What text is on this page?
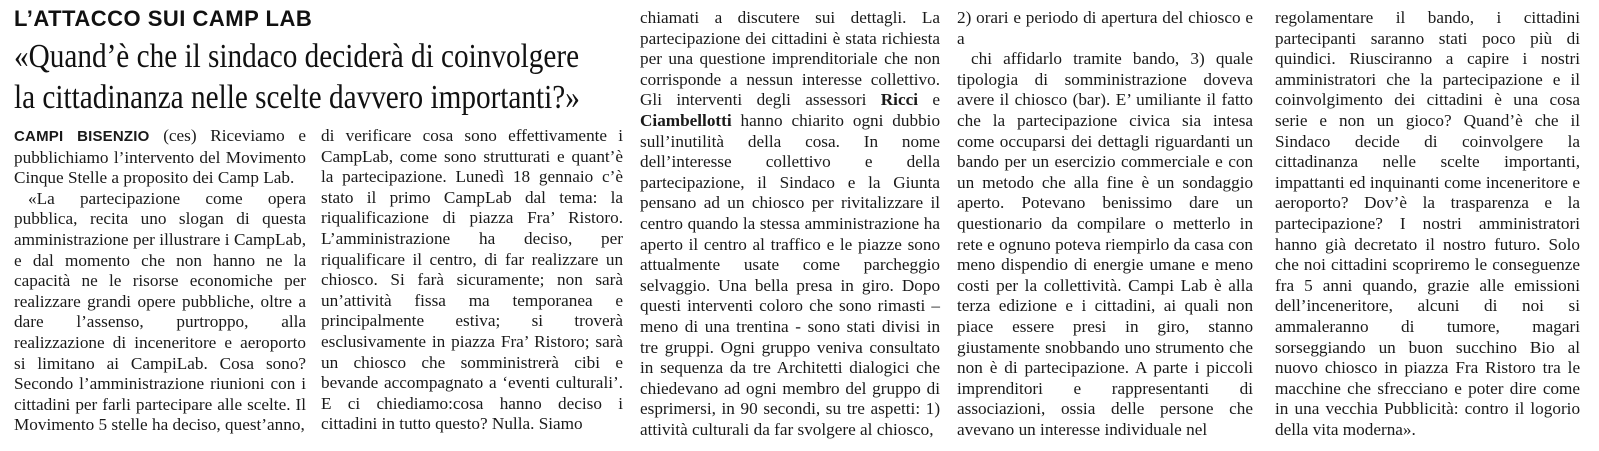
L’ATTACCO SUI CAMP LAB
«Quand’è che il sindaco deciderà di coinvolgere
la cittadinanza nelle scelte davvero importanti?»

CAMPI BISENZIO (ces) Riceviamo e pubblichiamo l’intervento del Movimento Cinque Stelle a proposito dei Camp Lab.

«La partecipazione come opera pubblica, recita uno slogan di questa amministrazione per illustrare i CampLab, e dal momento che non hanno ne la capacità ne le risorse economiche per realizzare grandi opere pubbliche, oltre a dare l’assenso, purtroppo, alla realizzazione di inceneritore e aeroporto si limitano ai CampiLab. Cosa sono? Secondo l’amministrazione riunioni con i cittadini per farli partecipare alle scelte. Il Movimento 5 stelle ha deciso, quest’anno,

di verificare cosa sono effettivamente i CampLab, come sono strutturati e quant’è la partecipazione. Lunedì 18 gennaio c’è stato il primo CampLab dal tema: la riqualificazione di piazza Fra’ Ristoro. L’amministrazione ha deciso, per riqualificare il centro, di far realizzare un chiosco. Si farà sicuramente; non sarà un’attività fissa ma temporanea e principalmente estiva; si troverà esclusivamente in piazza Fra’ Ristoro; sarà un chiosco che somministrerà cibi e bevande accompagnato a ‘eventi culturali’. E ci chiediamo:cosa hanno deciso i cittadini in tutto questo? Nulla. Siamo

chiamati a discutere sui dettagli. La partecipazione dei cittadini è stata richiesta per una questione imprenditoriale che non corrisponde a nessun interesse collettivo. Gli interventi degli assessori Ricci e Ciambellotti hanno chiarito ogni dubbio sull’inutilità della cosa. In nome dell’interesse collettivo e della partecipazione, il Sindaco e la Giunta pensano ad un chiosco per rivitalizzare il centro quando la stessa amministrazione ha aperto il centro al traffico e le piazze sono attualmente usate come parcheggio selvaggio. Una bella presa in giro. Dopo questi interventi coloro che sono rimasti – meno di una trentina - sono stati divisi in tre gruppi. Ogni gruppo veniva consultato in sequenza da tre Architetti dialogici che chiedevano ad ogni membro del gruppo di esprimersi, in 90 secondi, su tre aspetti: 1) attività culturali da far svolgere al chiosco,

2) orari e periodo di apertura del chiosco e a

chi affidarlo tramite bando, 3) quale tipologia di somministrazione doveva avere il chiosco (bar). E’ umiliante il fatto che la partecipazione civica sia intesa come occuparsi dei dettagli riguardanti un bando per un esercizio commerciale e con un metodo che alla fine è un sondaggio aperto. Potevano benissimo dare un questionario da compilare o metterlo in rete e ognuno poteva riempirlo da casa con meno dispendio di energie umane e meno costi per la collettività. Campi Lab è alla terza edizione e i cittadini, ai quali non piace essere presi in giro, stanno giustamente snobbando uno strumento che non è di partecipazione. A parte i piccoli imprenditori e rappresentanti di associazioni, ossia delle persone che avevano un interesse individuale nel

regolamentare il bando, i cittadini partecipanti saranno stati poco più di quindici. Riusciranno a capire i nostri amministratori che la partecipazione e il coinvolgimento dei cittadini è una cosa serie e non un gioco? Quand’è che il Sindaco decide di coinvolgere la cittadinanza nelle scelte importanti, impattanti ed inquinanti come inceneritore e aeroporto? Dov’è la trasparenza e la partecipazione? I nostri amministratori hanno già decretato il nostro futuro. Solo che noi cittadini scopriremo le conseguenze fra 5 anni quando, grazie alle emissioni dell’inceneritore, alcuni di noi si ammaleranno di tumore, magari sorseggiando un buon succhino Bio al nuovo chiosco in piazza Fra Ristoro tra le macchine che sfrecciano e poter dire come in una vecchia Pubblicità: contro il logorio della vita moderna».
